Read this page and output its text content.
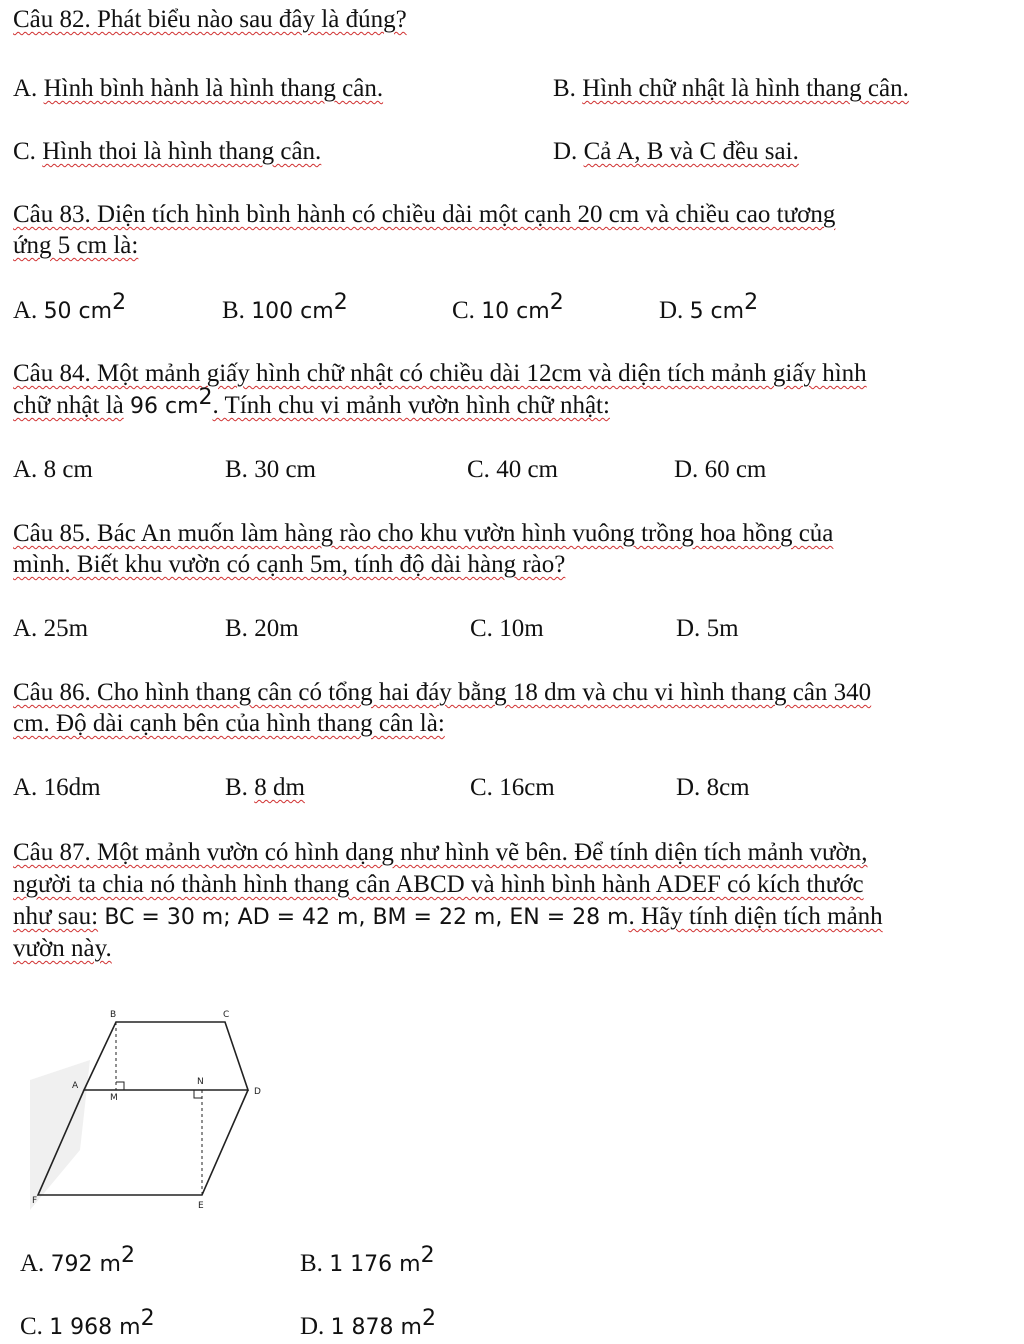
Câu 82. Phát biểu nào sau đây là đúng?
A. Hình bình hành là hình thang cân.	B. Hình chữ nhật là hình thang cân.
C. Hình thoi là hình thang cân.	D. Cả A, B và C đều sai.
Câu 83. Diện tích hình bình hành có chiều dài một cạnh 20 cm và chiều cao tương
ứng 5 cm là:
A. 50 $cm^2$	B. 100 $cm^2$	C. 10 $cm^2$	D. 5 $cm^2$
Câu 84. Một mảnh giấy hình chữ nhật có chiều dài 12cm và diện tích mảnh giấy hình
chữ nhật là 96 $cm^2$. Tính chu vi mảnh vườn hình chữ nhật:
A. 8 cm	B. 30 cm	C. 40 cm	D. 60 cm
Câu 85. Bác An muốn làm hàng rào cho khu vườn hình vuông trồng hoa hồng của
mình. Biết khu vườn có cạnh 5m, tính độ dài hàng rào?
A. 25m	B. 20m	C. 10m	D. 5m
Câu 86. Cho hình thang cân có tổng hai đáy bằng 18 dm và chu vi hình thang cân 340
cm. Độ dài cạnh bên của hình thang cân là:
A. 16dm	B. 8 dm	C. 16cm	D. 8cm
Câu 87. Một mảnh vườn có hình dạng như hình vẽ bên. Để tính diện tích mảnh vườn,
người ta chia nó thành hình thang cân ABCD và hình bình hành ADEF có kích thước
như sau: BC = 30 m; AD = 42 m, BM = 22 m, EN = 28 m. Hãy tính diện tích mảnh
vườn này.
B	C
A
D
M
N
F	E
A. 792 $m^2$	B. 1 176 $m^2$
C. 1 968 $m^2$	D. 1 878 $m^2$
